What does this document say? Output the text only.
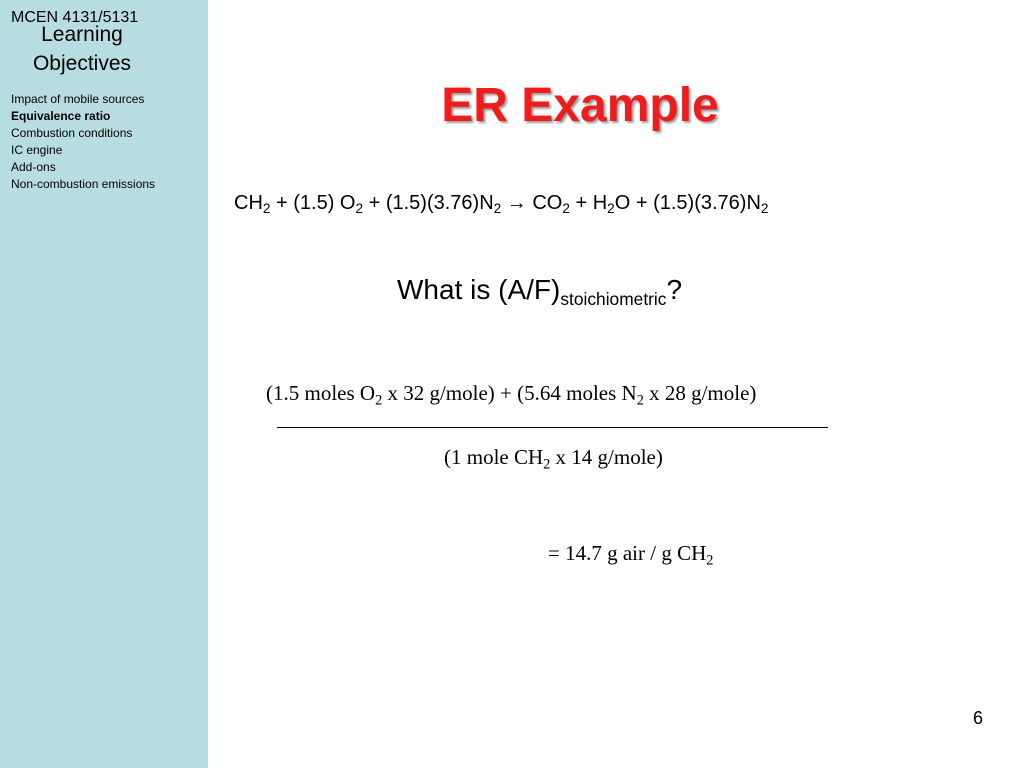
MCEN 4131/5131
Learning
Objectives
Impact of mobile sources
Equivalence ratio
Combustion conditions
IC engine
Add-ons
Non-combustion emissions
ER Example
$CH_2 + (1.5) O_2 + (1.5)(3.76)N_2 \to CO_2 + H_2O + (1.5)(3.76)N_2$
What is $(A/F)_{stoichiometric}$?
(1.5 moles $O_2$ x 32 g/mole) + (5.64 moles $N_2$ x 28 g/mole)
(1 mole $CH_2$ x 14 g/mole)
= 14.7 g air / g $CH_2$
6
